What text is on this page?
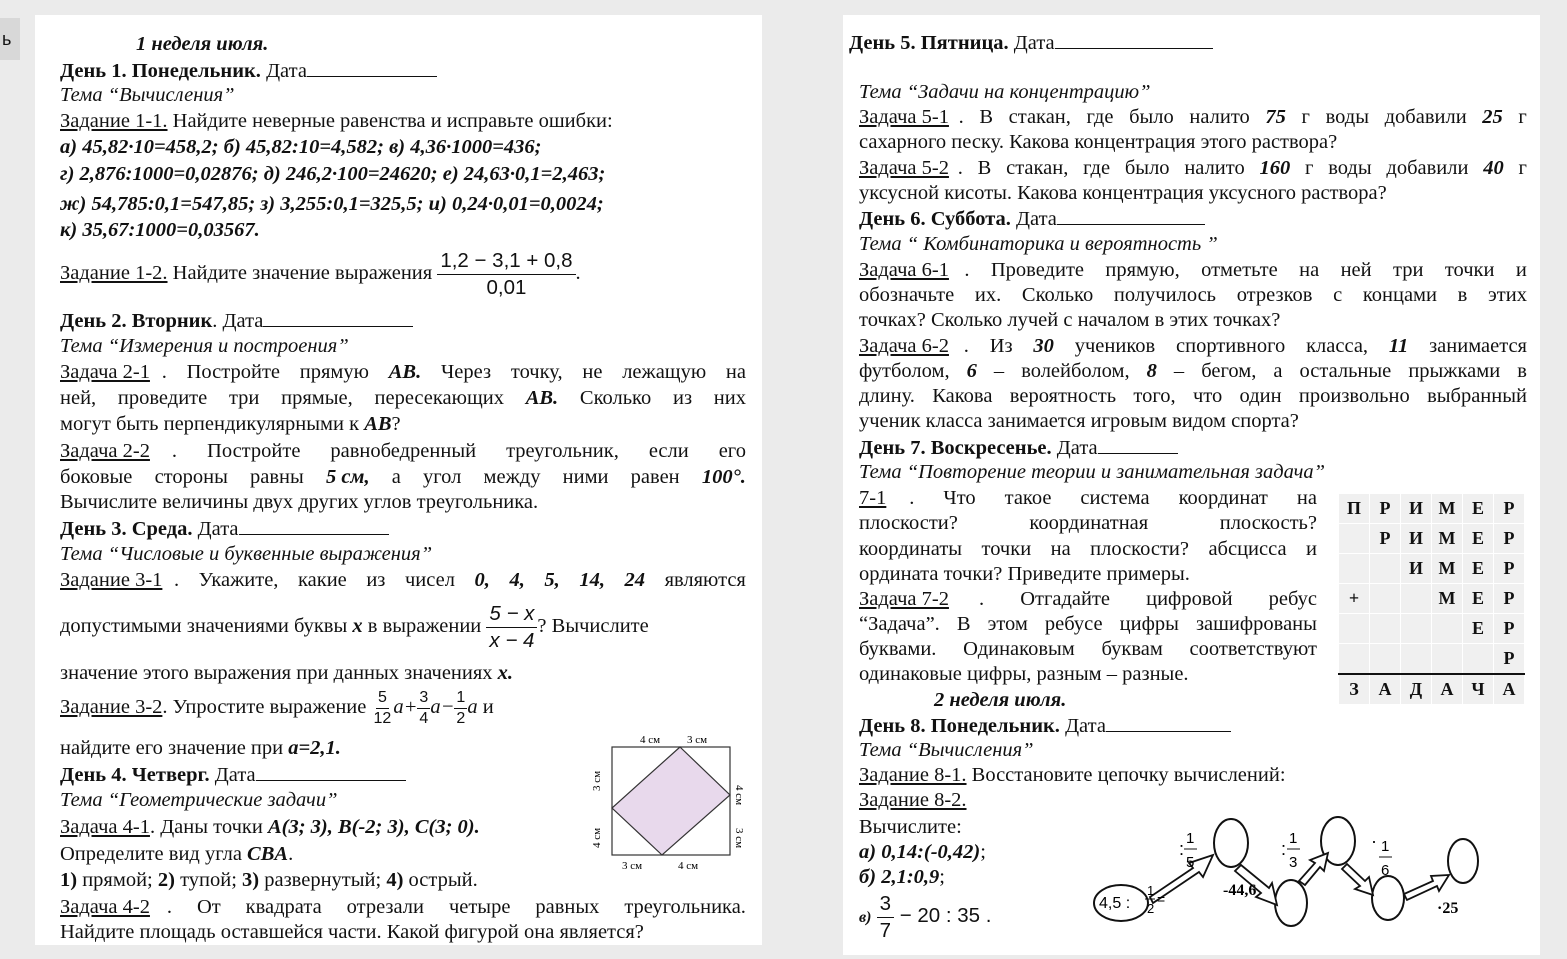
ь	1 неделя июля.
День 1. Понедельник. Дата
Тема “Вычисления”
Задание 1-1. Найдите неверные равенства и исправьте ошибки:
а) 45,82·10=458,2; б) 45,82:10=4,582; в) 4,36·1000=436;
г) 2,876:1000=0,02876; д) 246,2·100=24620; е) 24,63·0,1=2,463;
ж) 54,785:0,1=547,85; з) 3,255:0,1=325,5; и) 0,24·0,01=0,0024;
к) 35,67:1000=0,03567.
Задание 1-2. Найдите значение выражения $\frac{1,2 - 3,1 + 0,8}{0,01}$ .
День 2. Вторник. Дата
Тема “Измерения и построения”
Задача 2-1 . Постройте прямую AB. Через точку, не лежащую на
ней, проведите три прямые, пересекающих AB. Сколько из них
могут быть перпендикулярными к AB?
Задача 2-2 . Постройте равнобедренный треугольник, если его
боковые стороны равны 5 см, а угол между ними равен 100°.
Вычислите величины двух других углов треугольника.
День 3. Среда. Дата
Тема “Числовые и буквенные выражения”
Задание 3-1 . Укажите, какие из чисел 0, 4, 5, 14, 24 являются
допустимыми значениями буквы x в выражении $\frac{5 - x}{x - 4}$ ? Вычислите
значение этого выражения при данных значениях x.
Задание 3-2. Упростите выражение $\frac{5}{12} a+ \frac{3}{4} a- \frac{1}{2}$ a и
найдите его значение при a=2,1.
День 4. Четверг. Дата
Тема “Геометрические задачи”
Задача 4-1. Даны точки A(3; 3), B(-2; 3), C(3; 0).
Определите вид угла CBA.
1) прямой; 2) тупой; 3) развернутый; 4) острый.
Задача 4-2 . От квадрата отрезали четыре равных треугольника.
Найдите площадь оставшейся части. Какой фигурой она является?
4 см 3 см
3 см	4 см
3 см
4 см
4 см
3 см
День 5. Пятница. Дата
Тема “Задачи на концентрацию”
Задача 5-1 . В стакан, где было налито 75 г воды добавили 25 г
сахарного песку. Какова концентрация этого раствора?
Задача 5-2 . В стакан, где было налито 160 г воды добавили 40 г
уксусной кисоты. Какова концентрация уксусного раствора?
День 6. Суббота. Дата
Тема “ Комбинаторика и вероятность ”
Задача 6-1 . Проведите прямую, отметьте на ней три точки и
обозначьте их. Сколько получилось отрезков с концами в этих
точках? Сколько лучей с началом в этих точках?
Задача 6-2 . Из 30 учеников спортивного класса, 11 занимается
футболом, 6 – волейболом, 8 – бегом, а остальные прыжками в
длину. Какова вероятность того, что один произвольно выбранный
ученик класса занимается игровым видом спорта?
День 7. Воскресенье. Дата
Тема “Повторение теории и занимательная задача”
7-1 . Что такое система координат на
плоскости?	координатная	плоскость?
координаты точки на плоскости? абсцисса и
ордината точки? Приведите примеры.
Задача 7-2 . Отгадайте цифровой ребус
“Задача”. В этом ребусе цифры зашифрованы
буквами. Одинаковым буквам соответствуют
одинаковые цифры, разным – разные.
П	Р	И	М	Е	Р
	Р	И	М	Е	Р
		И	М	Е	Р
+			М	Е	Р
				Е	Р
					Р
З	А	Д	А	Ч	А
2 неделя июля.
День 8. Понедельник. Дата
Тема “Вычисления”
Задание 8-1. Восстановите цепочку вычислений:
Задание 8-2.
Вычислите:
а) 0,14:(-0,42);
б) 2,1:0,9;
$в) \frac{3}{7} - 20$ : 35 .
4,5 :
1
2
=
:
1
5
:
1
3
· 1
6
-44,6
·25
